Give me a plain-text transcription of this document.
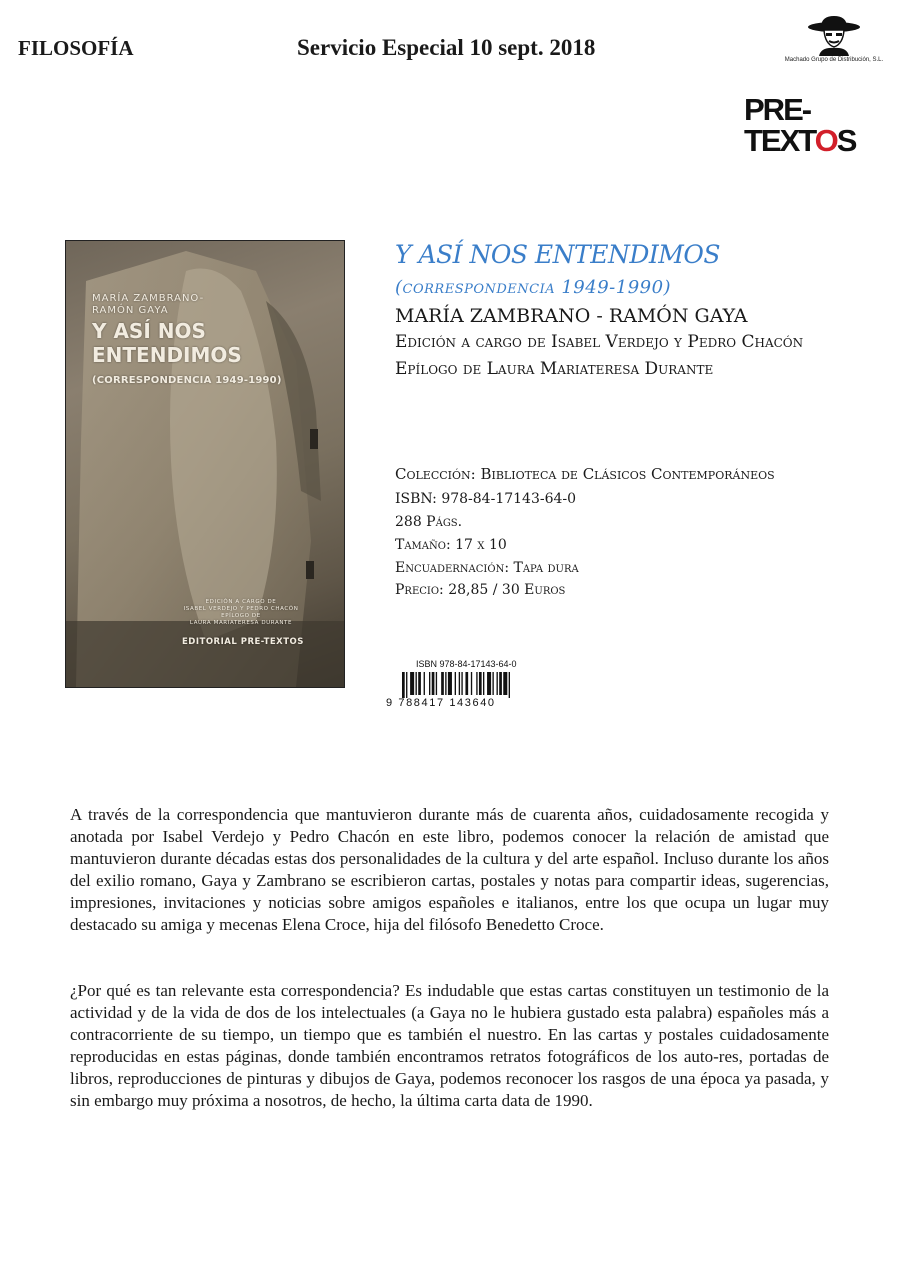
FILOSOFÍA	Servicio Especial 10 sept. 2018	Machado Grupo de Distribución, S.L.
PRE-TEXTOS
MARÍA ZAMBRANO-
RAMÓN GAYA
Y ASÍ NOS
ENTENDIMOS
(CORRESPONDENCIA 1949-1990)
EDICIÓN A CARGO DE
ISABEL VERDEJO Y PEDRO CHACÓN
EPÍLOGO DE
LAURA MARIATERESA DURANTE
EDITORIAL PRE-TEXTOS
Y ASÍ NOS ENTENDIMOS
(correspondencia 1949-1990)
MARÍA ZAMBRANO - RAMÓN GAYA
Edición a cargo de Isabel Verdejo y Pedro Chacón
Epílogo de Laura Mariateresa Durante
Colección: Biblioteca de Clásicos Contemporáneos
ISBN: 978-84-17143-64-0
288 Págs.
Tamaño: 17 x 10
Encuadernación: Tapa dura
Precio: 28,85 / 30 Euros
ISBN 978-84-17143-64-0
9 788417 143640

A través de la correspondencia que mantuvieron durante más de cuarenta años, cuidadosamente recogida y anotada por Isabel Verdejo y Pedro Chacón en este libro, podemos conocer la relación de amistad que mantuvieron durante décadas estas dos personalidades de la cultura y del arte español. Incluso durante los años del exilio romano, Gaya y Zambrano se escribieron cartas, postales y notas para compartir ideas, sugerencias, impresiones, invitaciones y noticias sobre amigos españoles e italianos, entre los que ocupa un lugar muy destacado su amiga y mecenas Elena Croce, hija del filósofo Benedetto Croce.

¿Por qué es tan relevante esta correspondencia? Es indudable que estas cartas constituyen un testimonio de la actividad y de la vida de dos de los intelectuales (a Gaya no le hubiera gustado esta palabra) españoles más a contracorriente de su tiempo, un tiempo que es también el nuestro. En las cartas y postales cuidadosamente reproducidas en estas páginas, donde también encontramos retratos fotográficos de los auto-res, portadas de libros, reproducciones de pinturas y dibujos de Gaya, podemos reconocer los rasgos de una época ya pasada, y sin embargo muy próxima a nosotros, de hecho, la última carta data de 1990.
